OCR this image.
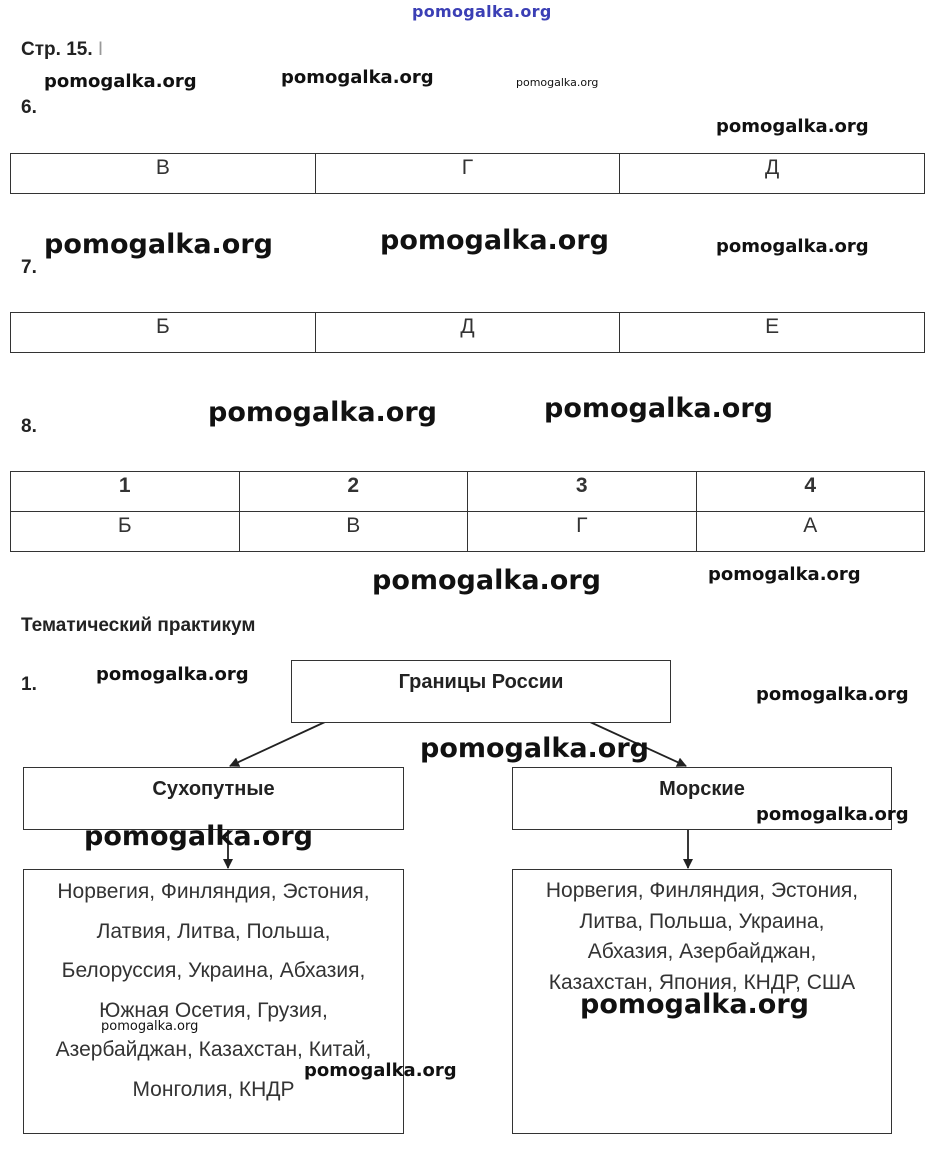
pomogalka.org
Стр. 15. I
6.
В	Г	Д
7.
Б	Д	Е
8.
1	2	3	4
Б	В	Г	А
Тематический практикум
1.	Границы России
Сухопутные	Морские
Норвегия, Финляндия, Эстония,
Латвия, Литва, Польша,
Белоруссия, Украина, Абхазия,
Южная Осетия, Грузия,
Азербайджан, Казахстан, Китай,
Монголия, КНДР
Норвегия, Финляндия, Эстония,
Литва, Польша, Украина,
Абхазия, Азербайджан,
Казахстан, Япония, КНДР, США
pomogalka.org	pomogalka.org	pomogalka.org
pomogalka.org
pomogalka.org	pomogalka.org	pomogalka.org
pomogalka.org	pomogalka.org
pomogalka.org	pomogalka.org
pomogalka.org
pomogalka.org
pomogalka.org
pomogalka.org
pomogalka.org
pomogalka.org
pomogalka.org
pomogalka.org
